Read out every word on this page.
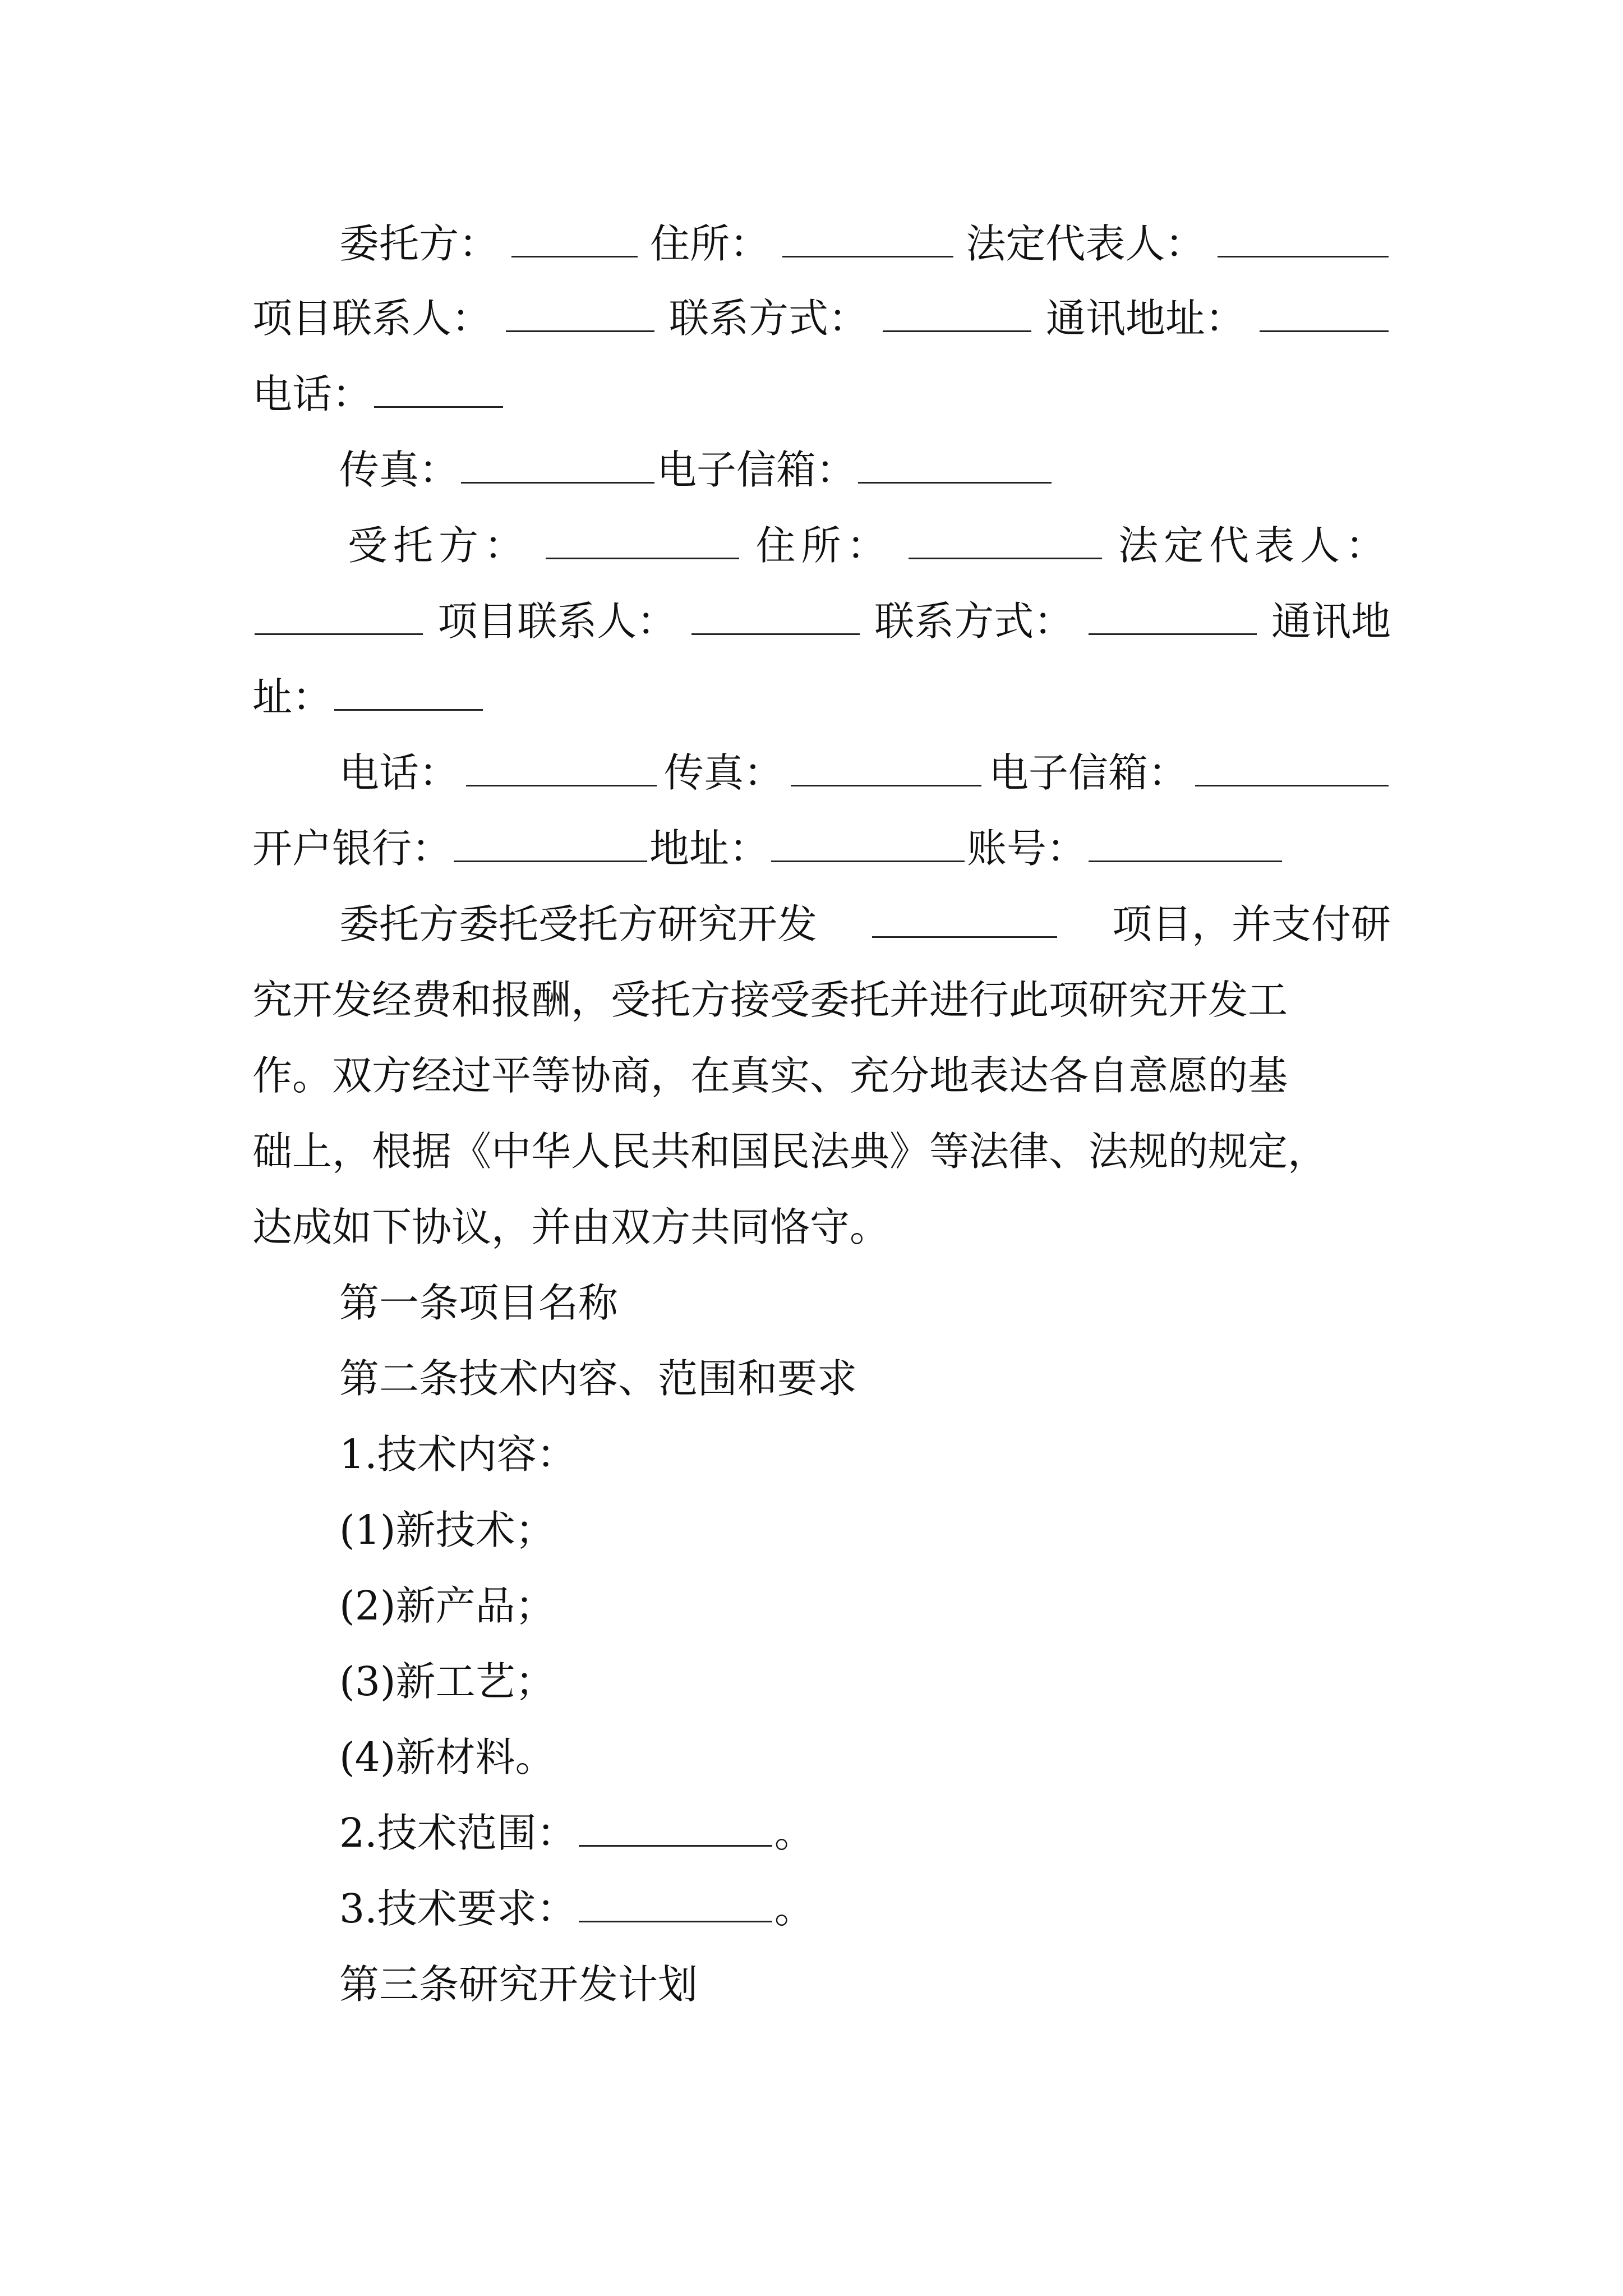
委托方：	住所：	法定代表人：
项目联系人：	联系方式：	通讯地址：
电话：
传真：	电子信箱：
受托方：	住所：	法定代表人：
项目联系人：	联系方式：	通讯地
址：
电话：	传真：	电子信箱：
开户银行：	地址：	账号：
委托方委托受托方研究开发	项目，并支付研
究开发经费和报酬，受托方接受委托并进行此项研究开发工
作。双方经过平等协商，在真实、充分地表达各自意愿的基
础上，根据《中华人民共和国民法典》等法律、法规的规定，
达成如下协议，并由双方共同恪守。
第一条项目名称
第二条技术内容、范围和要求
1.技术内容：
(1)新技术；
(2)新产品；
(3)新工艺；
(4)新材料。
2.技术范围：	。
3.技术要求：	。
第三条研究开发计划
